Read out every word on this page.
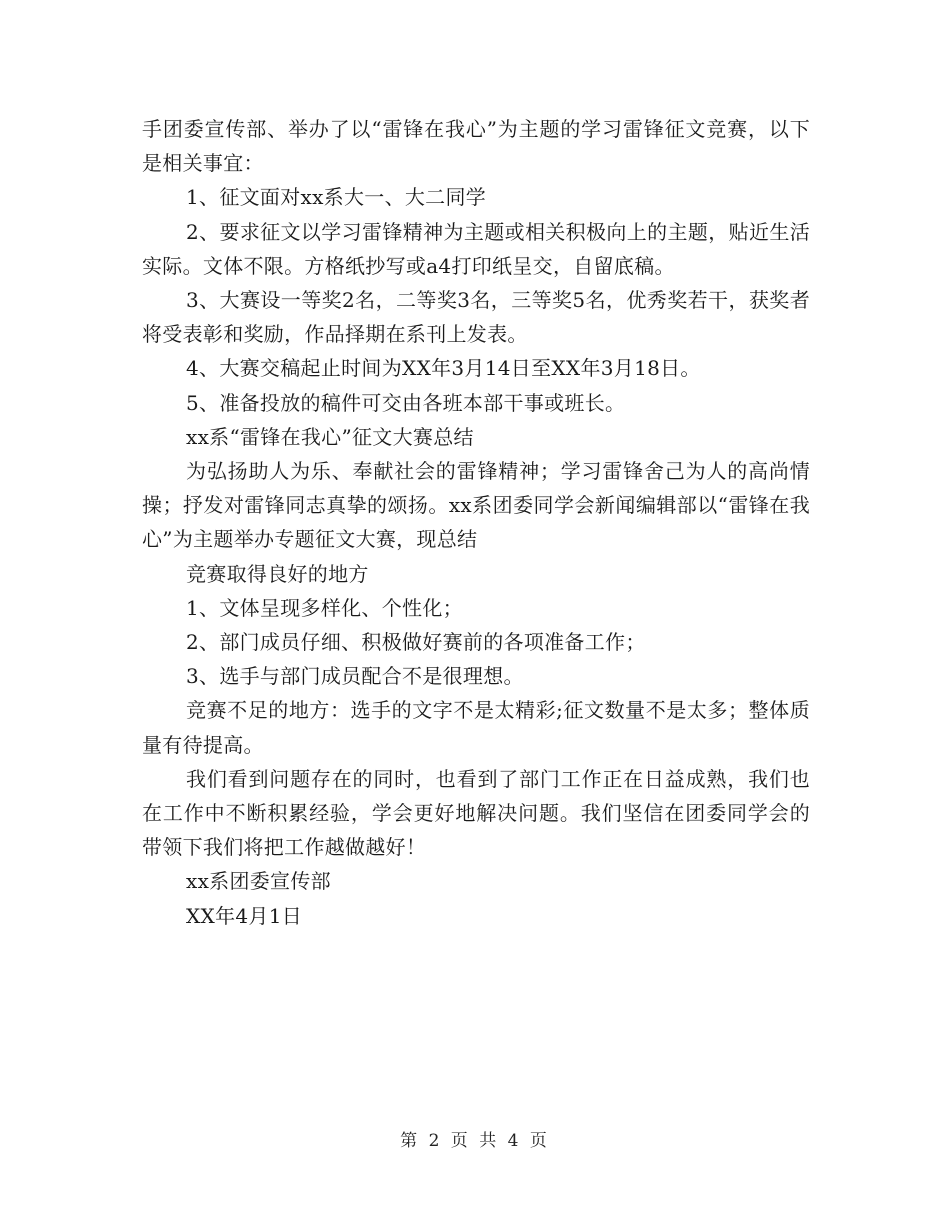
手团委宣传部、举办了以“雷锋在我心”为主题的学习雷锋征文竞赛，以下是相关事宜：

1、征文面对xx系大一、大二同学

2、要求征文以学习雷锋精神为主题或相关积极向上的主题，贴近生活实际。文体不限。方格纸抄写或a4打印纸呈交，自留底稿。

3、大赛设一等奖2名，二等奖3名，三等奖5名，优秀奖若干，获奖者将受表彰和奖励，作品择期在系刊上发表。

4、大赛交稿起止时间为XX年3月14日至XX年3月18日。

5、准备投放的稿件可交由各班本部干事或班长。

xx系“雷锋在我心”征文大赛总结

为弘扬助人为乐、奉献社会的雷锋精神；学习雷锋舍己为人的高尚情操；抒发对雷锋同志真挚的颂扬。xx系团委同学会新闻编辑部以“雷锋在我心”为主题举办专题征文大赛，现总结

竞赛取得良好的地方

1、文体呈现多样化、个性化；

2、部门成员仔细、积极做好赛前的各项准备工作；

3、选手与部门成员配合不是很理想。

竞赛不足的地方：选手的文字不是太精彩;征文数量不是太多；整体质量有待提高。

我们看到问题存在的同时，也看到了部门工作正在日益成熟，我们也在工作中不断积累经验，学会更好地解决问题。我们坚信在团委同学会的带领下我们将把工作越做越好！

xx系团委宣传部

XX年4月1日

第 2 页 共 4 页
